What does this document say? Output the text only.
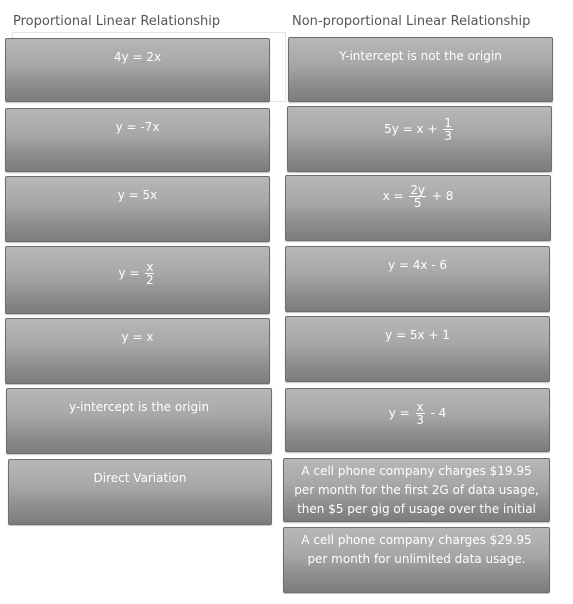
Proportional Linear Relationship	Non-proportional Linear Relationship
4y = 2x
y = -7x
y = 5x
$y = \frac{x}{2}$
y = x
y-intercept is the origin
Direct Variation
Y-intercept is not the origin
$5y = x + \frac{1}{3}$
$x = \frac{2y}{5} + 8$
y = 4x - 6
y = 5x + 1
$y = \frac{x}{3} - 4$
A cell phone company charges $19.95 per month for the first 2G of data usage, then $5 per gig of usage over the initial
A cell phone company charges $29.95 per month for unlimited data usage.
